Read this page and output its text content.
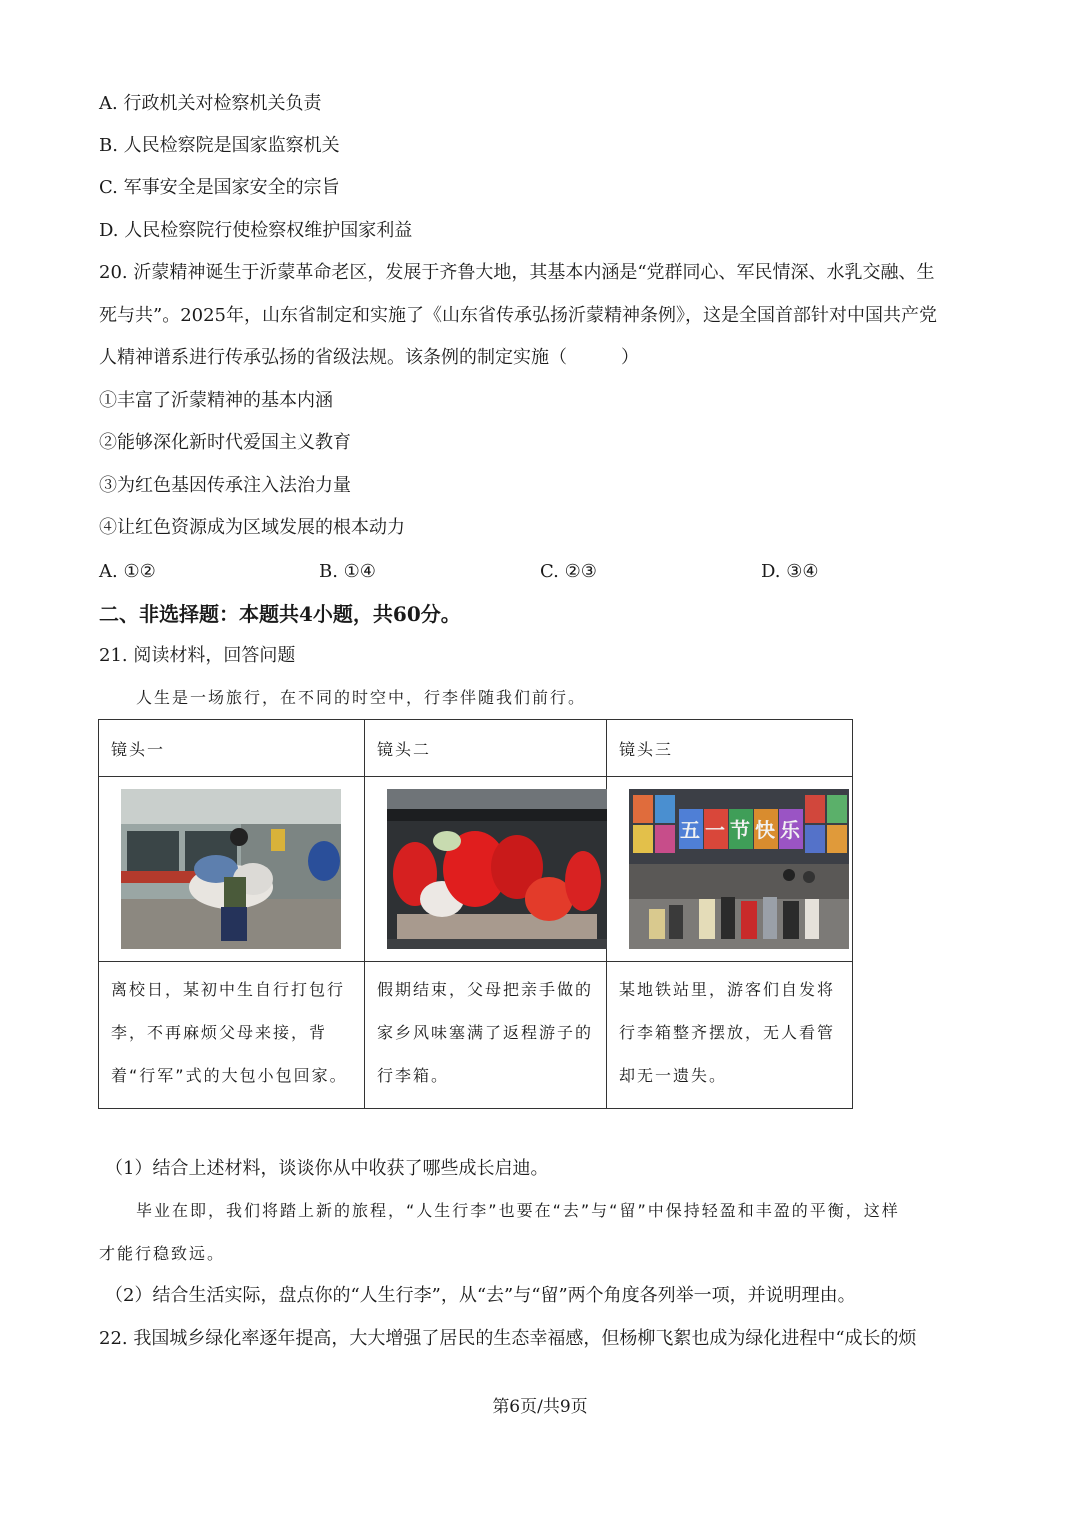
A. 行政机关对检察机关负责
B. 人民检察院是国家监察机关
C. 军事安全是国家安全的宗旨
D. 人民检察院行使检察权维护国家利益
20. 沂蒙精神诞生于沂蒙革命老区，发展于齐鲁大地，其基本内涵是“党群同心、军民情深、水乳交融、生
死与共”。2025年，山东省制定和实施了《山东省传承弘扬沂蒙精神条例》，这是全国首部针对中国共产党
人精神谱系进行传承弘扬的省级法规。该条例的制定实施（　　　）
①丰富了沂蒙精神的基本内涵
②能够深化新时代爱国主义教育
③为红色基因传承注入法治力量
④让红色资源成为区域发展的根本动力
A. ①②	B. ①④	C. ②③	D. ③④
二、非选择题：本题共4小题，共60分。
21. 阅读材料，回答问题
人生是一场旅行，在不同的时空中，行李伴随我们前行。
镜头一	镜头二	镜头三

五 一 节 快 乐

离校日，某初中生自行打包行李，不再麻烦父母来接，背着“行军”式的大包小包回家。	假期结束，父母把亲手做的家乡风味塞满了返程游子的行李箱。	某地铁站里，游客们自发将行李箱整齐摆放，无人看管却无一遗失。
（1）结合上述材料，谈谈你从中收获了哪些成长启迪。
毕业在即，我们将踏上新的旅程，“人生行李”也要在“去”与“留”中保持轻盈和丰盈的平衡，这样
才能行稳致远。
（2）结合生活实际，盘点你的“人生行李”，从“去”与“留”两个角度各列举一项，并说明理由。
22. 我国城乡绿化率逐年提高，大大增强了居民的生态幸福感，但杨柳飞絮也成为绿化进程中“成长的烦
第6页/共9页
